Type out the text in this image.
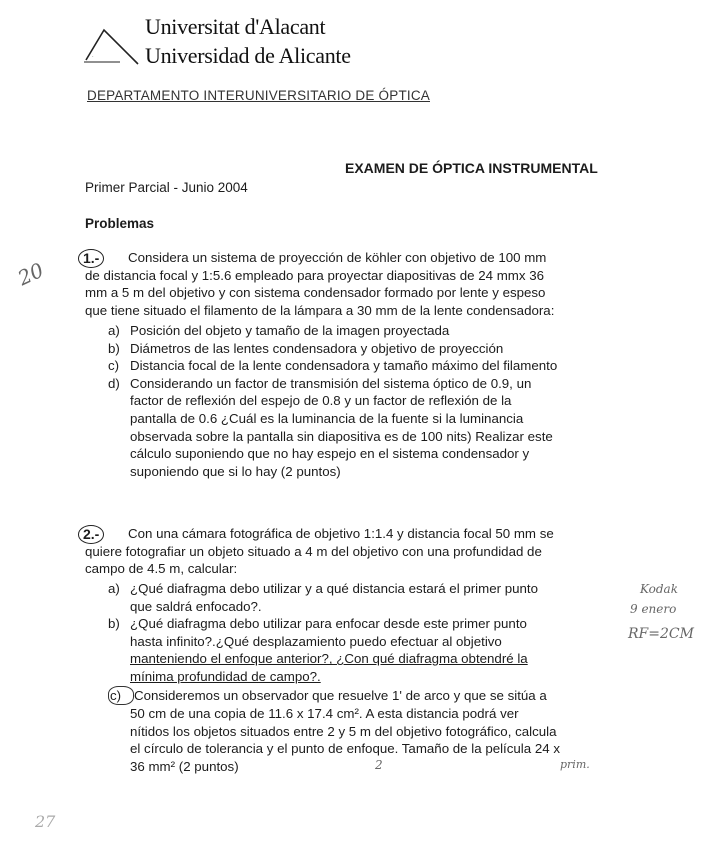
·
Universitat d'Alacant
Universidad de Alicante
DEPARTAMENTO INTERUNIVERSITARIO DE ÓPTICA
EXAMEN DE ÓPTICA INSTRUMENTAL
Primer Parcial - Junio 2004
Problemas
1.-	Considera un sistema de proyección de köhler con objetivo de 100 mm
de distancia focal y 1:5.6 empleado para proyectar diapositivas de 24 mmx 36
mm a 5 m del objetivo y con sistema condensador formado por lente y espeso
que tiene situado el filamento de la lámpara a 30 mm de la lente condensadora:
a) Posición del objeto y tamaño de la imagen proyectada
b) Diámetros de las lentes condensadora y objetivo de proyección
c) Distancia focal de la lente condensadora y tamaño máximo del filamento
d) Considerando un factor de transmisión del sistema óptico de 0.9, un
factor de reflexión del espejo de 0.8 y un factor de reflexión de la
pantalla de 0.6 ¿Cuál es la luminancia de la fuente si la luminancia
observada sobre la pantalla sin diapositiva es de 100 nits) Realizar este
cálculo suponiendo que no hay espejo en el sistema condensador y
suponiendo que si lo hay (2 puntos)
2.-	Con una cámara fotográfica de objetivo 1:1.4 y distancia focal 50 mm se
quiere fotografiar un objeto situado a 4 m del objetivo con una profundidad de
campo de 4.5 m, calcular:
a) ¿Qué diafragma debo utilizar y a qué distancia estará el primer punto
que saldrá enfocado?.
b) ¿Qué diafragma debo utilizar para enfocar desde este primer punto
hasta infinito?.¿Qué desplazamiento puedo efectuar al objetivo
manteniendo el enfoque anterior?, ¿Con qué diafragma obtendré la
mínima profundidad de campo?.
c) Consideremos un observador que resuelve 1' de arco y que se sitúa a
50 cm de una copia de 11.6 x 17.4 cm². A esta distancia podrá ver
nítidos los objetos situados entre 2 y 5 m del objetivo fotográfico, calcula
el círculo de tolerancia y el punto de enfoque. Tamaño de la película 24 x
36 mm² (2 puntos)
20
Kodak
9 enero
RF=2CM
prim.
27
2
